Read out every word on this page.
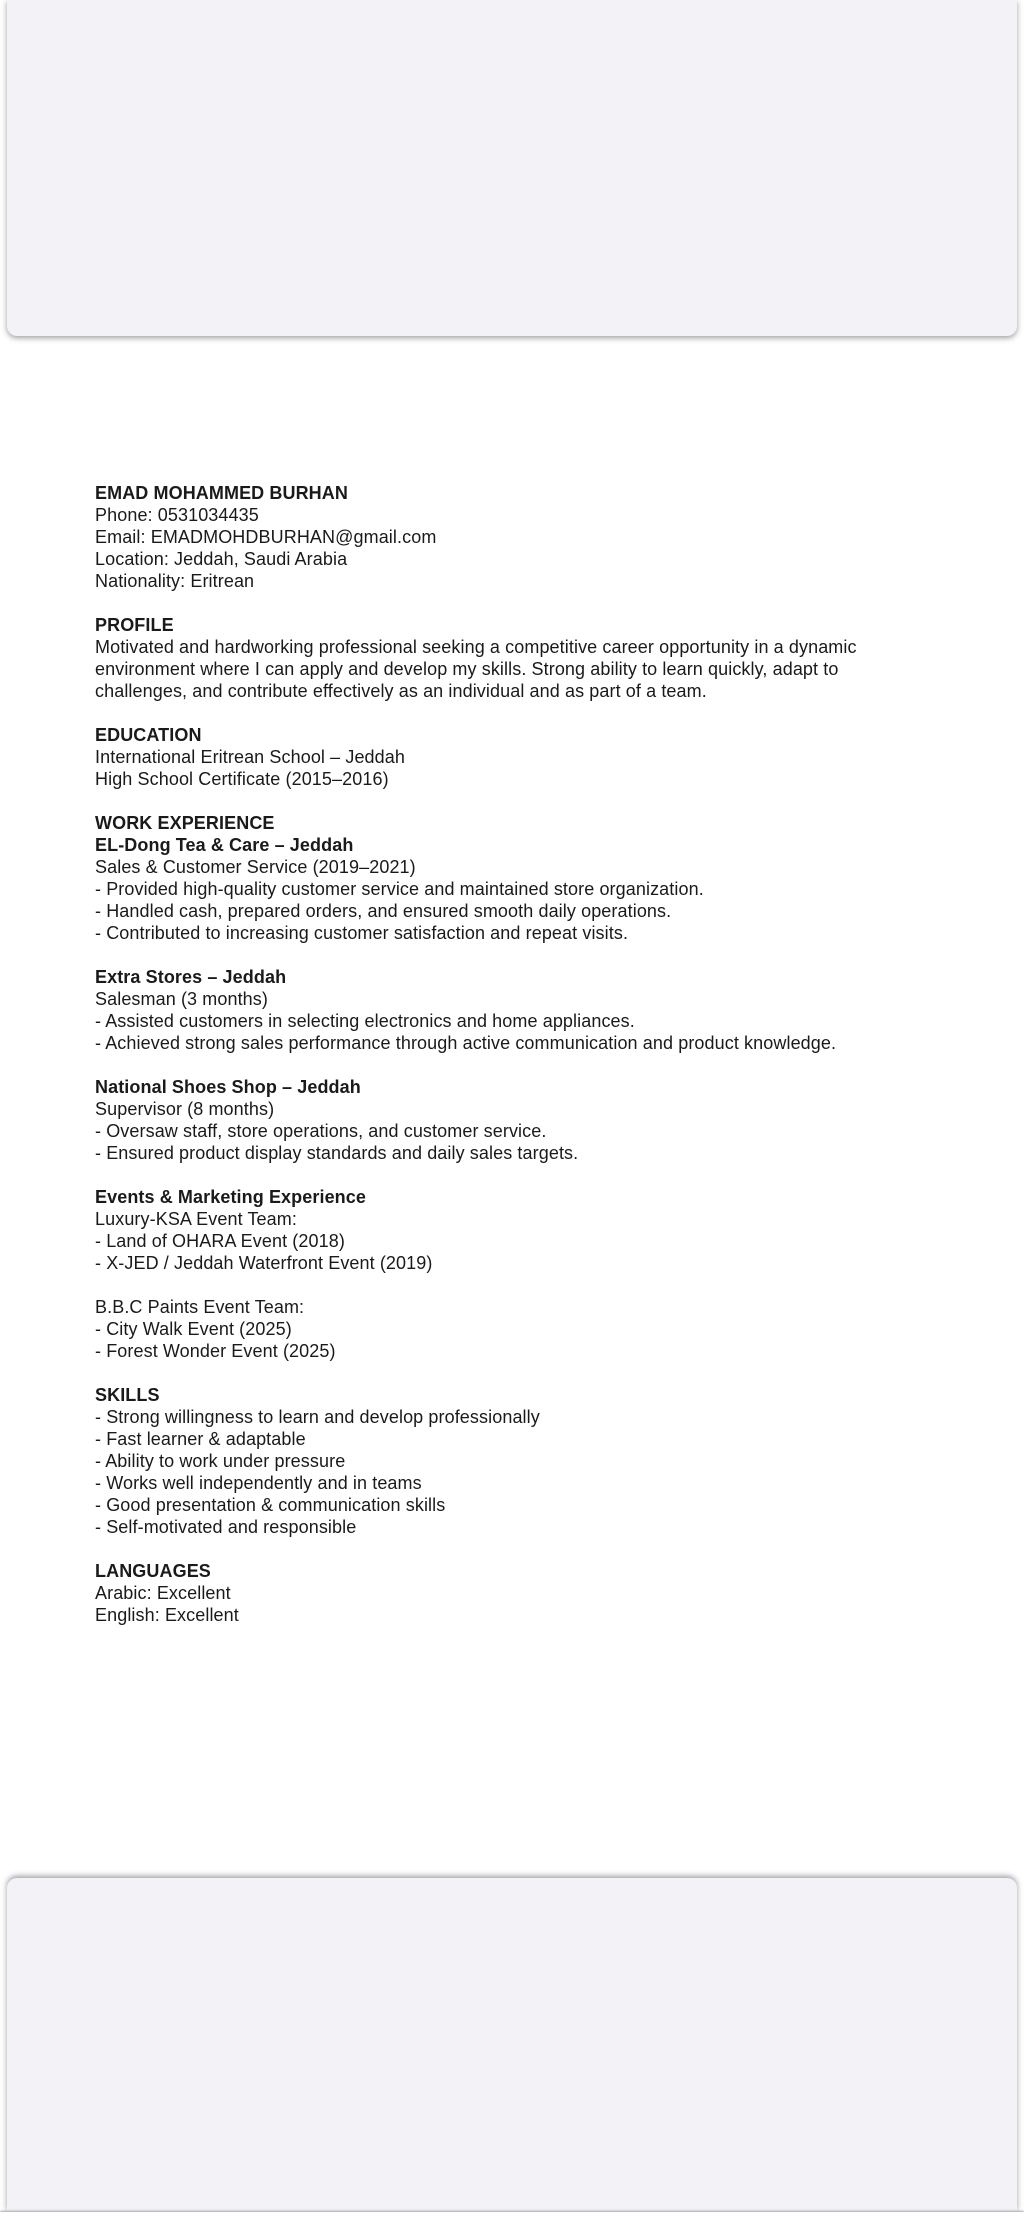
EMAD MOHAMMED BURHAN
Phone: 0531034435
Email: EMADMOHDBURHAN@gmail.com
Location: Jeddah, Saudi Arabia
Nationality: Eritrean
PROFILE
Motivated and hardworking professional seeking a competitive career opportunity in a dynamic environment where I can apply and develop my skills. Strong ability to learn quickly, adapt to challenges, and contribute effectively as an individual and as part of a team.
EDUCATION
International Eritrean School – Jeddah
High School Certificate (2015–2016)
WORK EXPERIENCE
EL-Dong Tea & Care – Jeddah
Sales & Customer Service (2019–2021)
- Provided high-quality customer service and maintained store organization.
- Handled cash, prepared orders, and ensured smooth daily operations.
- Contributed to increasing customer satisfaction and repeat visits.
Extra Stores – Jeddah
Salesman (3 months)
- Assisted customers in selecting electronics and home appliances.
- Achieved strong sales performance through active communication and product knowledge.
National Shoes Shop – Jeddah
Supervisor (8 months)
- Oversaw staff, store operations, and customer service.
- Ensured product display standards and daily sales targets.
Events & Marketing Experience
Luxury-KSA Event Team:
- Land of OHARA Event (2018)
- X-JED / Jeddah Waterfront Event (2019)
B.B.C Paints Event Team:
- City Walk Event (2025)
- Forest Wonder Event (2025)
SKILLS
- Strong willingness to learn and develop professionally
- Fast learner & adaptable
- Ability to work under pressure
- Works well independently and in teams
- Good presentation & communication skills
- Self-motivated and responsible
LANGUAGES
Arabic: Excellent
English: Excellent
